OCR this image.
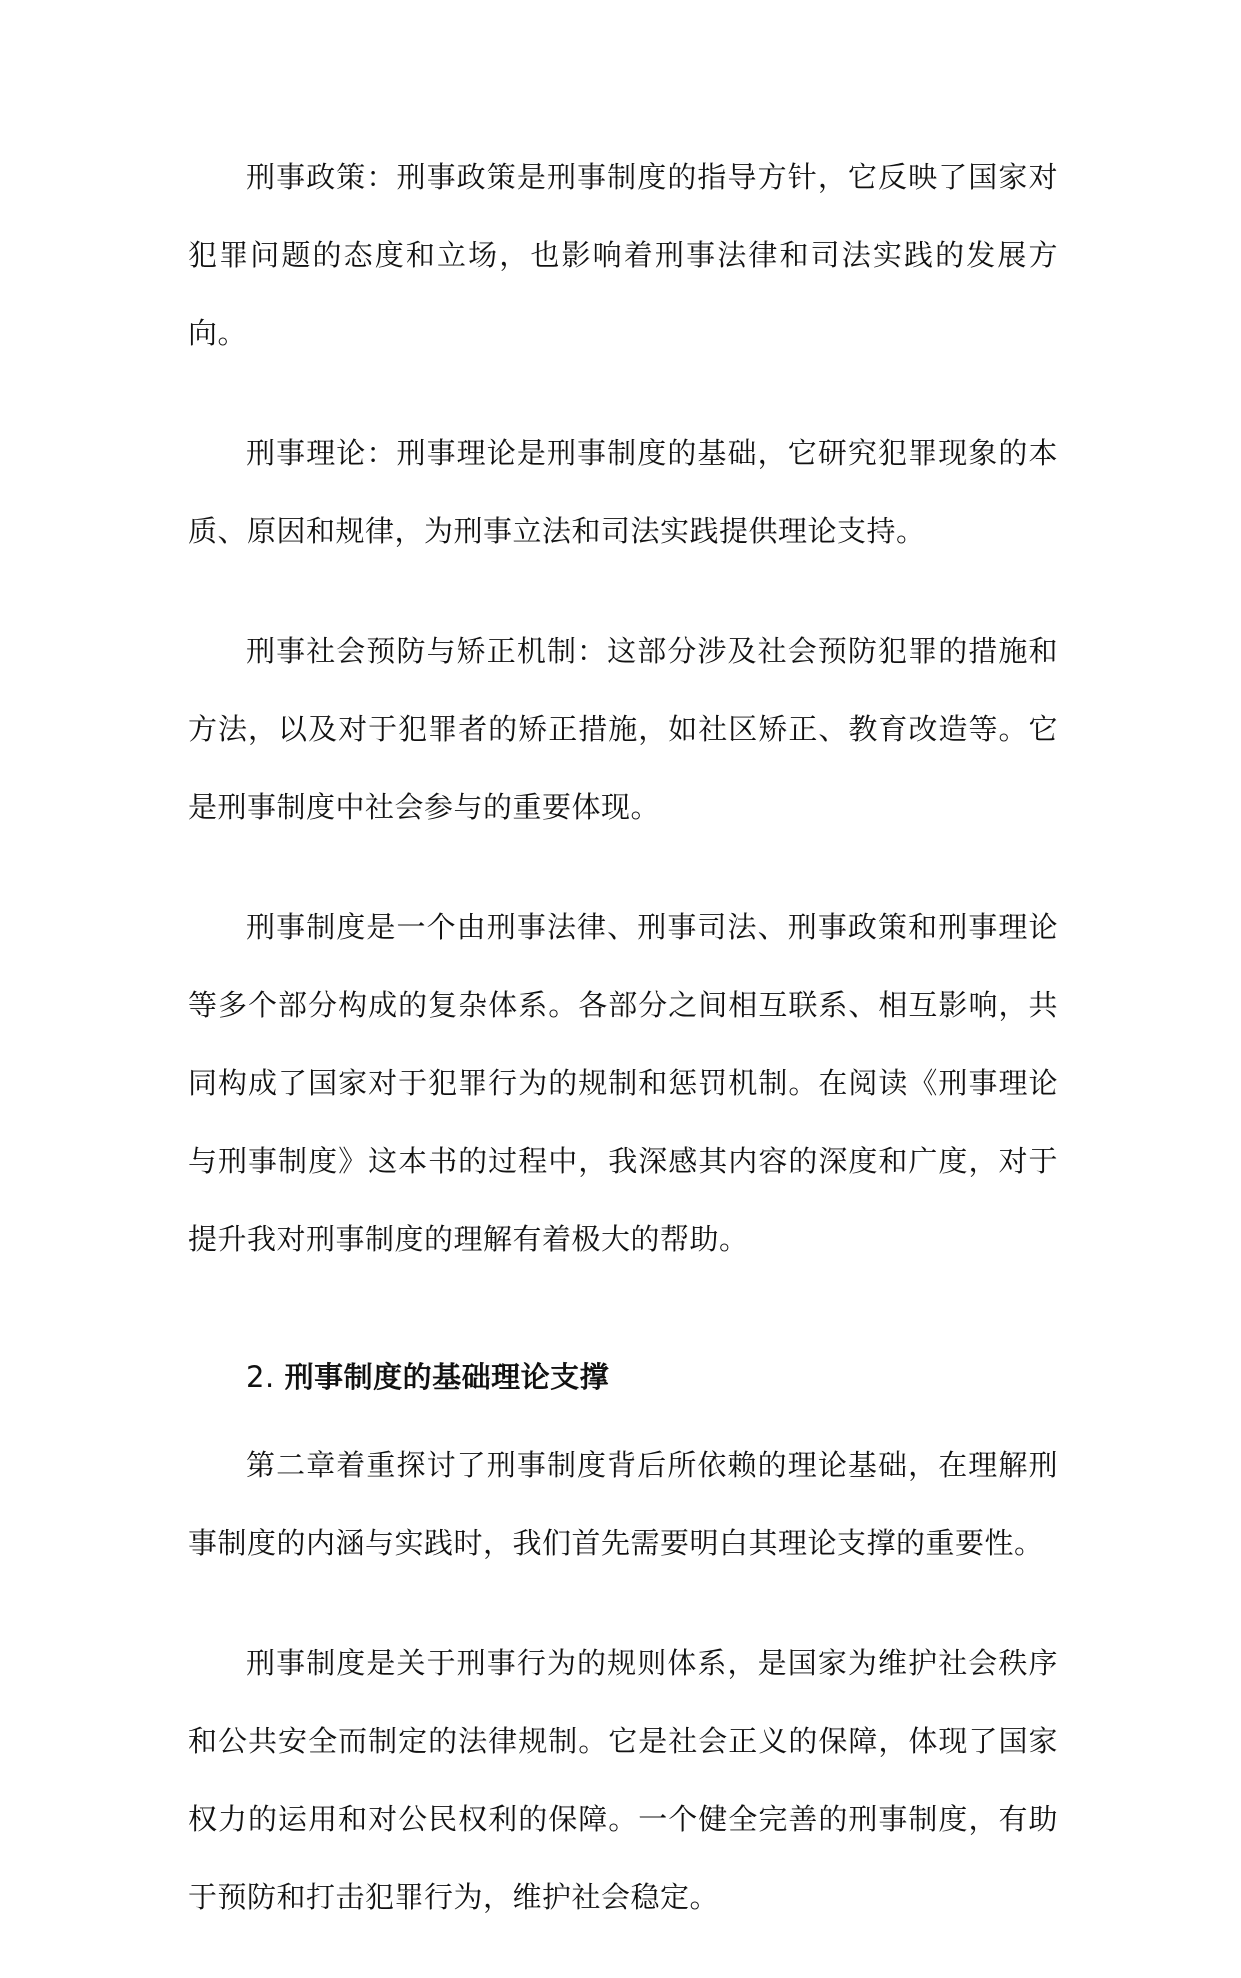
刑事政策：刑事政策是刑事制度的指导方针，它反映了国家对犯罪问题的态度和立场，也影响着刑事法律和司法实践的发展方向。

刑事理论：刑事理论是刑事制度的基础，它研究犯罪现象的本质、原因和规律，为刑事立法和司法实践提供理论支持。

刑事社会预防与矫正机制：这部分涉及社会预防犯罪的措施和方法，以及对于犯罪者的矫正措施，如社区矫正、教育改造等。它是刑事制度中社会参与的重要体现。

刑事制度是一个由刑事法律、刑事司法、刑事政策和刑事理论等多个部分构成的复杂体系。各部分之间相互联系、相互影响，共同构成了国家对于犯罪行为的规制和惩罚机制。在阅读《刑事理论与刑事制度》这本书的过程中，我深感其内容的深度和广度，对于提升我对刑事制度的理解有着极大的帮助。

2. 刑事制度的基础理论支撑

第二章着重探讨了刑事制度背后所依赖的理论基础，在理解刑事制度的内涵与实践时，我们首先需要明白其理论支撑的重要性。

刑事制度是关于刑事行为的规则体系，是国家为维护社会秩序和公共安全而制定的法律规制。它是社会正义的保障，体现了国家权力的运用和对公民权利的保障。一个健全完善的刑事制度，有助于预防和打击犯罪行为，维护社会稳定。
